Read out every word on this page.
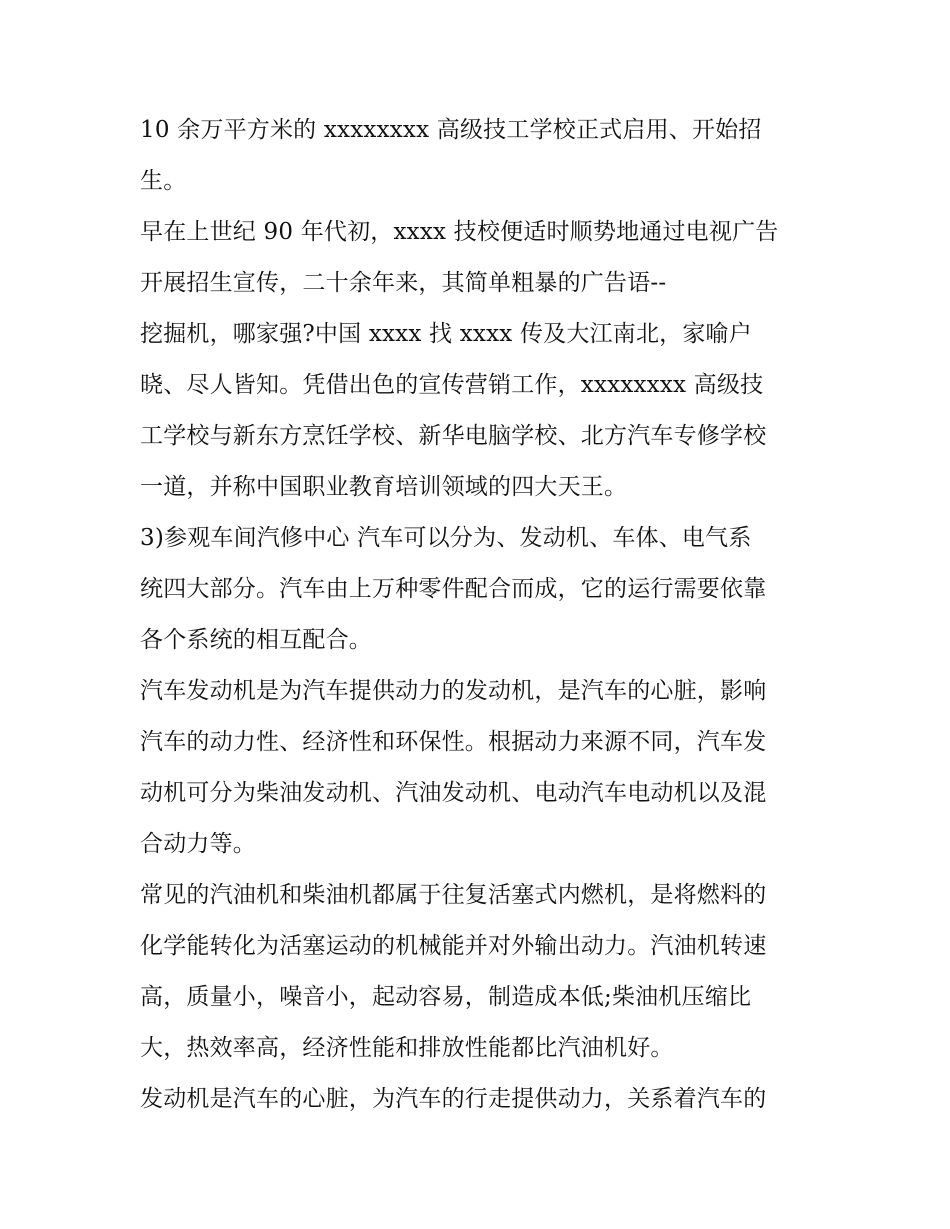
10 余万平方米的 xxxxxxxx 高级技工学校正式启用、开始招
生。

早在上世纪 90 年代初，xxxx 技校便适时顺势地通过电视广告
开展招生宣传，二十余年来，其简单粗暴的广告语--
挖掘机，哪家强?中国 xxxx 找 xxxx 传及大江南北，家喻户
晓、尽人皆知。凭借出色的宣传营销工作，xxxxxxxx 高级技
工学校与新东方烹饪学校、新华电脑学校、北方汽车专修学校
一道，并称中国职业教育培训领域的四大天王。

3)参观车间汽修中心 汽车可以分为、发动机、车体、电气系
统四大部分。汽车由上万种零件配合而成，它的运行需要依靠
各个系统的相互配合。

汽车发动机是为汽车提供动力的发动机，是汽车的心脏，影响
汽车的动力性、经济性和环保性。根据动力来源不同，汽车发
动机可分为柴油发动机、汽油发动机、电动汽车电动机以及混
合动力等。

常见的汽油机和柴油机都属于往复活塞式内燃机，是将燃料的
化学能转化为活塞运动的机械能并对外输出动力。汽油机转速
高，质量小，噪音小，起动容易，制造成本低;柴油机压缩比
大，热效率高，经济性能和排放性能都比汽油机好。

发动机是汽车的心脏，为汽车的行走提供动力，关系着汽车的
